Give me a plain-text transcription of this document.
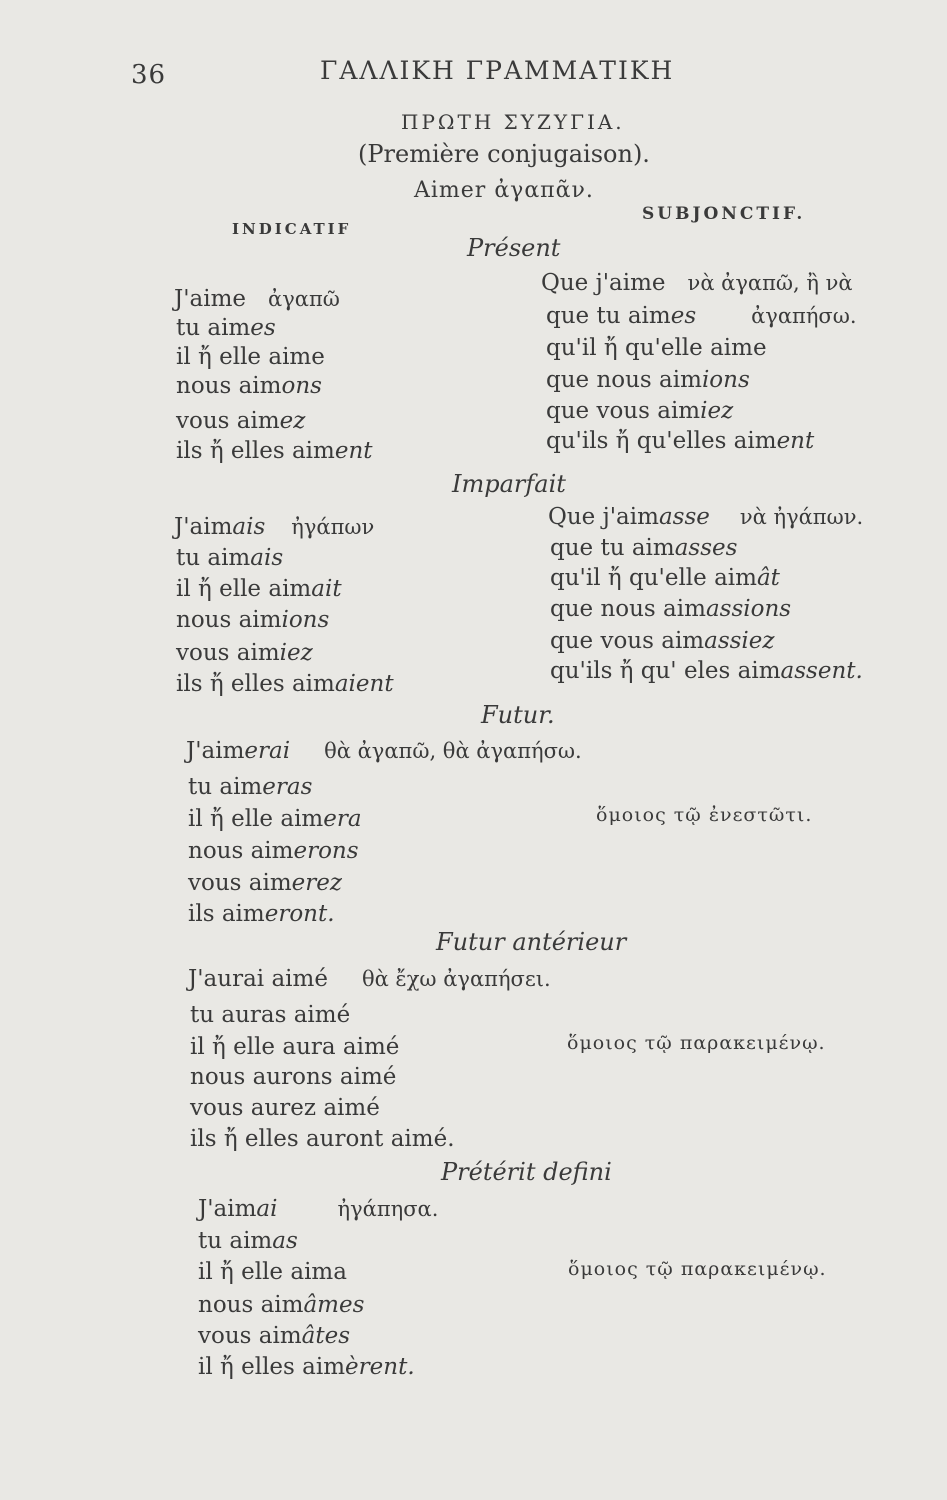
36	ΓΑΛΛΙΚΗ ΓΡΑΜΜΑΤΙΚΗ
ΠΡΩΤΗ ΣΥΖΥΓΙΑ.
(Première conjugaison).
Aimer ἀγαπᾶν.
INDICATIF
SUBJONCTIF.
Présent
J'aime ἀγαπῶ
tu aimes
il ἤ elle aime
nous aimons
vous aimez
ils ἤ elles aiment
Que j'aime νὰ ἀγαπῶ, ἢ νὰ
que tu aimes	ἀγαπήσω.
qu'il ἤ qu'elle aime
que nous aimions
que vous aimiez
qu'ils ἤ qu'elles aiment
Imparfait
J'aimais ἠγάπων
tu aimais
il ἤ elle aimait
nous aimions
vous aimiez
ils ἤ elles aimaient
Que j'aimasse νὰ ἠγάπων.
que tu aimasses
qu'il ἤ qu'elle aimât
que nous aimassions
que vous aimassiez
qu'ils ἤ qu' eles aimassent.
Futur.
J'aimerai θὰ ἀγαπῶ, θὰ ἀγαπήσω.
tu aimeras
il ἤ elle aimera
nous aimerons
vous aimerez
ils aimeront.
ὅμοιος τῷ ἐνεστῶτι.
Futur antérieur
J'aurai aimé θὰ ἔχω ἀγαπήσει.
tu auras aimé
il ἤ elle aura aimé
nous aurons aimé
vous aurez aimé
ils ἤ elles auront aimé.
ὅμοιος τῷ παρακειμένῳ.
Prétérit defini
J'aimai	ἠγάπησα.
tu aimas
il ἤ elle aima
nous aimâmes
vous aimâtes
il ἤ elles aimèrent.
ὅμοιος τῷ παρακειμένῳ.
